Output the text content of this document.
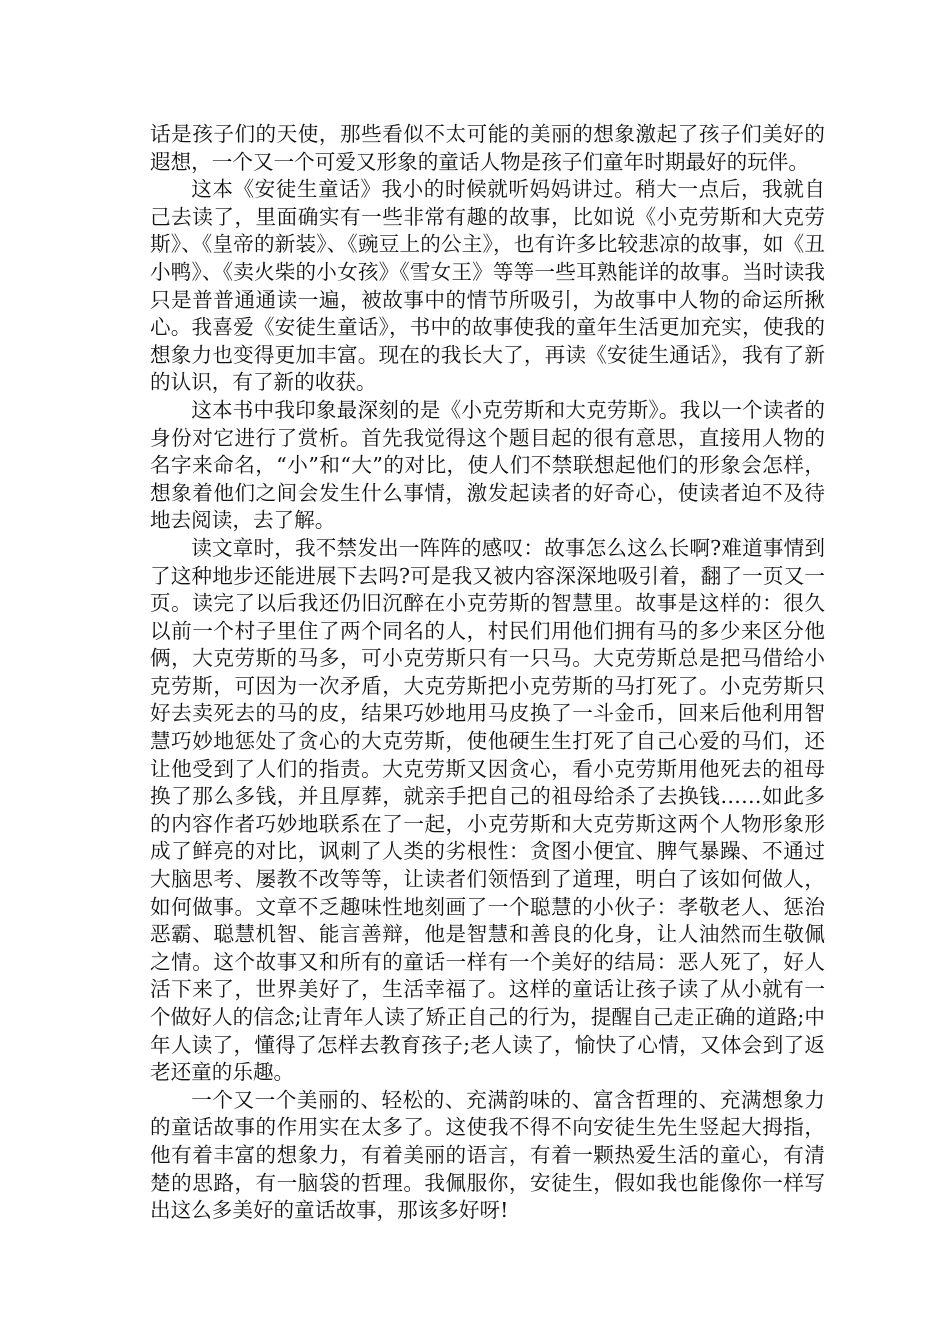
话是孩子们的天使，那些看似不太可能的美丽的想象激起了孩子们美好的遐想，一个又一个可爱又形象的童话人物是孩子们童年时期最好的玩伴。

这本《安徒生童话》我小的时候就听妈妈讲过。稍大一点后，我就自己去读了，里面确实有一些非常有趣的故事，比如说《小克劳斯和大克劳斯》、《皇帝的新装》、《豌豆上的公主》，也有许多比较悲凉的故事，如《丑小鸭》、《卖火柴的小女孩》《雪女王》等等一些耳熟能详的故事。当时读我只是普普通通读一遍，被故事中的情节所吸引，为故事中人物的命运所揪心。我喜爱《安徒生童话》，书中的故事使我的童年生活更加充实，使我的想象力也变得更加丰富。现在的我长大了，再读《安徒生通话》，我有了新的认识，有了新的收获。

这本书中我印象最深刻的是《小克劳斯和大克劳斯》。我以一个读者的身份对它进行了赏析。首先我觉得这个题目起的很有意思，直接用人物的名字来命名，“小”和“大”的对比，使人们不禁联想起他们的形象会怎样，想象着他们之间会发生什么事情，激发起读者的好奇心，使读者迫不及待地去阅读，去了解。

读文章时，我不禁发出一阵阵的感叹：故事怎么这么长啊?难道事情到了这种地步还能进展下去吗?可是我又被内容深深地吸引着，翻了一页又一页。读完了以后我还仍旧沉醉在小克劳斯的智慧里。故事是这样的：很久以前一个村子里住了两个同名的人，村民们用他们拥有马的多少来区分他俩，大克劳斯的马多，可小克劳斯只有一只马。大克劳斯总是把马借给小克劳斯，可因为一次矛盾，大克劳斯把小克劳斯的马打死了。小克劳斯只好去卖死去的马的皮，结果巧妙地用马皮换了一斗金币，回来后他利用智慧巧妙地惩处了贪心的大克劳斯，使他硬生生打死了自己心爱的马们，还让他受到了人们的指责。大克劳斯又因贪心，看小克劳斯用他死去的祖母换了那么多钱，并且厚葬，就亲手把自己的祖母给杀了去换钱……如此多的内容作者巧妙地联系在了一起，小克劳斯和大克劳斯这两个人物形象形成了鲜亮的对比，讽刺了人类的劣根性：贪图小便宜、脾气暴躁、不通过大脑思考、屡教不改等等，让读者们领悟到了道理，明白了该如何做人，如何做事。文章不乏趣味性地刻画了一个聪慧的小伙子：孝敬老人、惩治恶霸、聪慧机智、能言善辩，他是智慧和善良的化身，让人油然而生敬佩之情。这个故事又和所有的童话一样有一个美好的结局：恶人死了，好人活下来了，世界美好了，生活幸福了。这样的童话让孩子读了从小就有一个做好人的信念;让青年人读了矫正自己的行为，提醒自己走正确的道路;中年人读了，懂得了怎样去教育孩子;老人读了，愉快了心情，又体会到了返老还童的乐趣。

一个又一个美丽的、轻松的、充满韵味的、富含哲理的、充满想象力的童话故事的作用实在太多了。这使我不得不向安徒生先生竖起大拇指，他有着丰富的想象力，有着美丽的语言，有着一颗热爱生活的童心，有清楚的思路，有一脑袋的哲理。我佩服你，安徒生，假如我也能像你一样写出这么多美好的童话故事，那该多好呀!
